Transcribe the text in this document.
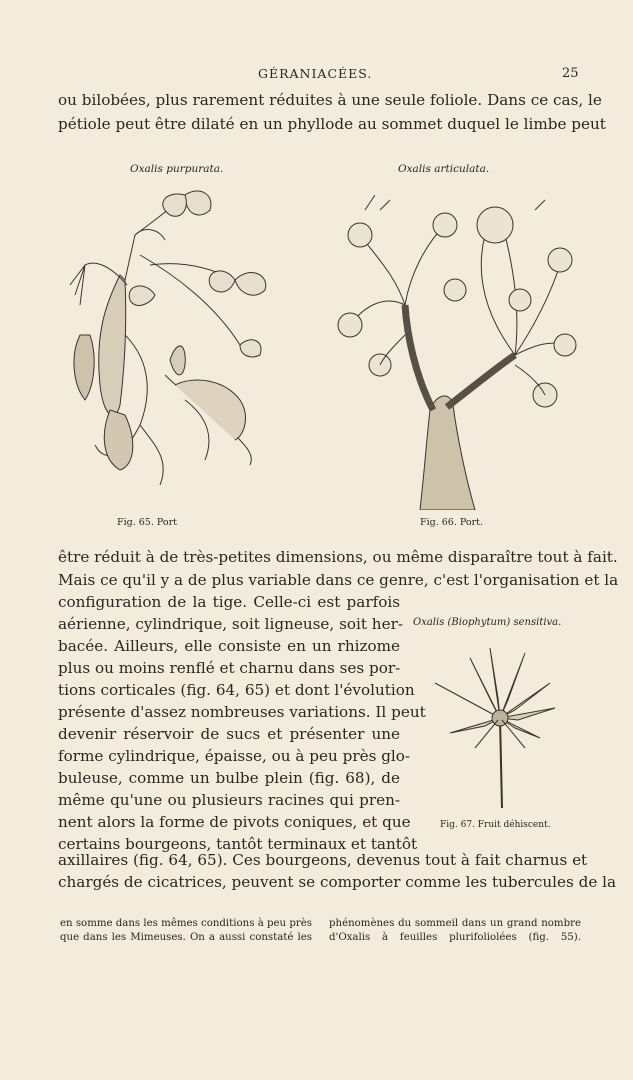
GÉRANIACÉES.	25
ou bilobées, plus rarement réduites à une seule foliole. Dans ce cas, le
pétiole peut être dilaté en un phyllode au sommet duquel le limbe peut
Oxalis purpurata.	Oxalis articulata.
Fig. 65. Port	Fig. 66. Port.
être réduit à de très-petites dimensions, ou même disparaître tout à fait.
Mais ce qu'il y a de plus variable dans ce genre, c'est l'organisation et la
configuration de la tige. Celle-ci est parfois
aérienne, cylindrique, soit ligneuse, soit her-
bacée. Ailleurs, elle consiste en un rhizome
plus ou moins renflé et charnu dans ses por-
tions corticales (fig. 64, 65) et dont l'évolution
présente d'assez nombreuses variations. Il peut
devenir réservoir de sucs et présenter une
forme cylindrique, épaisse, ou à peu près glo-
buleuse, comme un bulbe plein (fig. 68), de
même qu'une ou plusieurs racines qui pren-
nent alors la forme de pivots coniques, et que
certains bourgeons, tantôt terminaux et tantôt
Oxalis (Biophytum) sensitiva.
Fig. 67. Fruit déhiscent.
axillaires (fig. 64, 65). Ces bourgeons, devenus tout à fait charnus et
chargés de cicatrices, peuvent se comporter comme les tubercules de la
en somme dans les mêmes conditions à peu près
que dans les Mimeuses. On a aussi constaté les
phénomènes du sommeil dans un grand nombre
d'Oxalis à feuilles plurifoliolées (fig. 55).
